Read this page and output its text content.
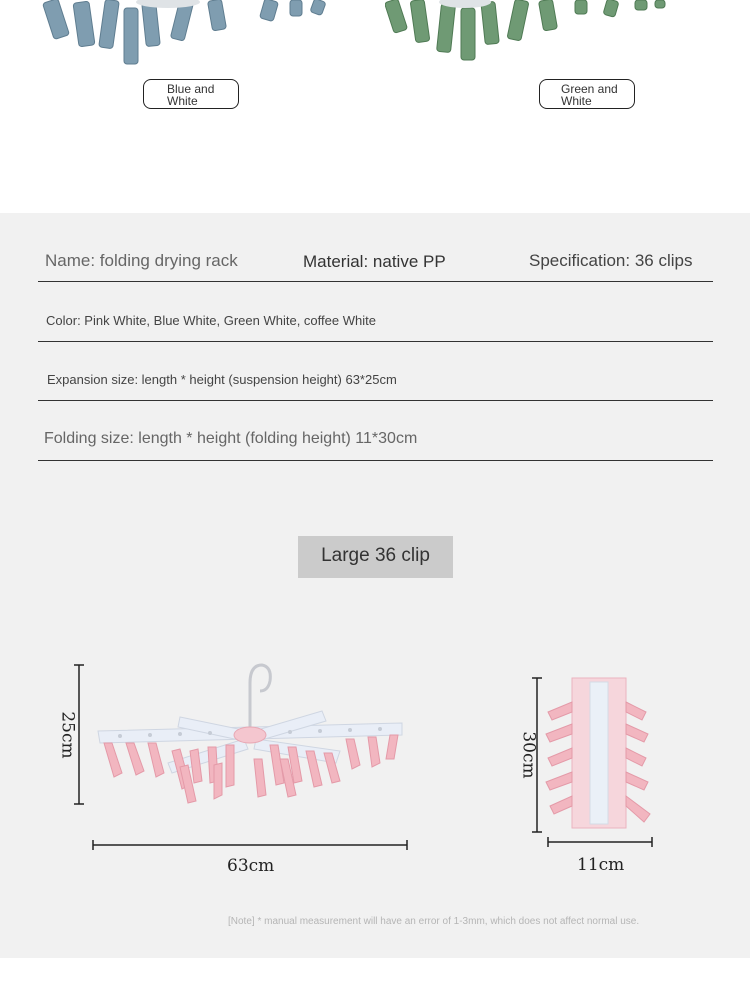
Blue and White
Green and White
Name: folding drying rack	Material: native PP	Specification: 36 clips
Color: Pink White, Blue White, Green White, coffee White
Expansion size: length * height (suspension height) 63*25cm
Folding size: length * height (folding height) 11*30cm
Large 36 clip
25cm
63cm
30cm
11cm
[Note] * manual measurement will have an error of 1-3mm, which does not affect normal use.
